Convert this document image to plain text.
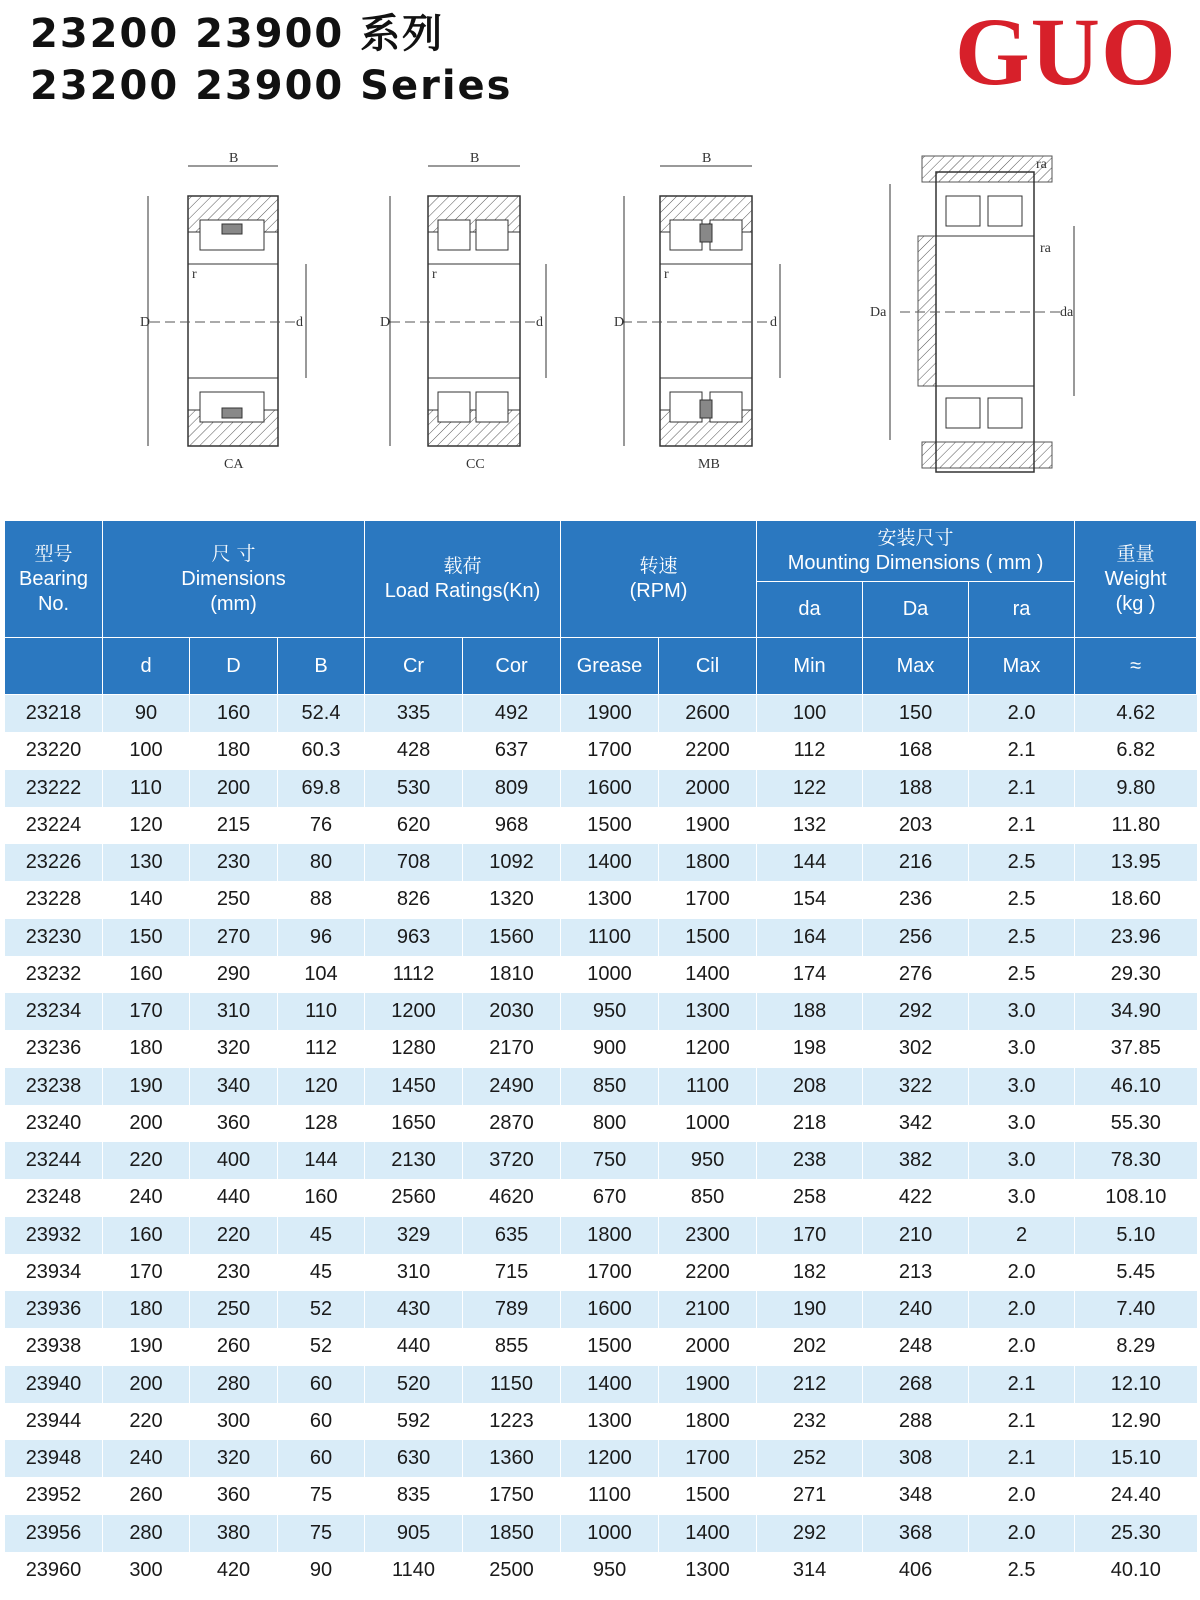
23200 23900 系列
23200 23900 Series	GUO
B
D	d
r
CA
B
D	d
r
CC
B
D	d
r
MB
ra
ra
Da	da
型号
Bearing
No.	尺 寸
Dimensions
(mm)			载荷
Load Ratings(Kn)		转速
(RPM)		安装尺寸
Mounting Dimensions ( mm )			重量
Weight
(kg )
								da	Da	ra	
	d	D	B	Cr	Cor	Grease	Cil	Min	Max	Max	≈
23218	90	160	52.4	335	492	1900	2600	100	150	2.0	4.62
23220	100	180	60.3	428	637	1700	2200	112	168	2.1	6.82
23222	110	200	69.8	530	809	1600	2000	122	188	2.1	9.80
23224	120	215	76	620	968	1500	1900	132	203	2.1	11.80
23226	130	230	80	708	1092	1400	1800	144	216	2.5	13.95
23228	140	250	88	826	1320	1300	1700	154	236	2.5	18.60
23230	150	270	96	963	1560	1100	1500	164	256	2.5	23.96
23232	160	290	104	1112	1810	1000	1400	174	276	2.5	29.30
23234	170	310	110	1200	2030	950	1300	188	292	3.0	34.90
23236	180	320	112	1280	2170	900	1200	198	302	3.0	37.85
23238	190	340	120	1450	2490	850	1100	208	322	3.0	46.10
23240	200	360	128	1650	2870	800	1000	218	342	3.0	55.30
23244	220	400	144	2130	3720	750	950	238	382	3.0	78.30
23248	240	440	160	2560	4620	670	850	258	422	3.0	108.10
23932	160	220	45	329	635	1800	2300	170	210	2	5.10
23934	170	230	45	310	715	1700	2200	182	213	2.0	5.45
23936	180	250	52	430	789	1600	2100	190	240	2.0	7.40
23938	190	260	52	440	855	1500	2000	202	248	2.0	8.29
23940	200	280	60	520	1150	1400	1900	212	268	2.1	12.10
23944	220	300	60	592	1223	1300	1800	232	288	2.1	12.90
23948	240	320	60	630	1360	1200	1700	252	308	2.1	15.10
23952	260	360	75	835	1750	1100	1500	271	348	2.0	24.40
23956	280	380	75	905	1850	1000	1400	292	368	2.0	25.30
23960	300	420	90	1140	2500	950	1300	314	406	2.5	40.10
